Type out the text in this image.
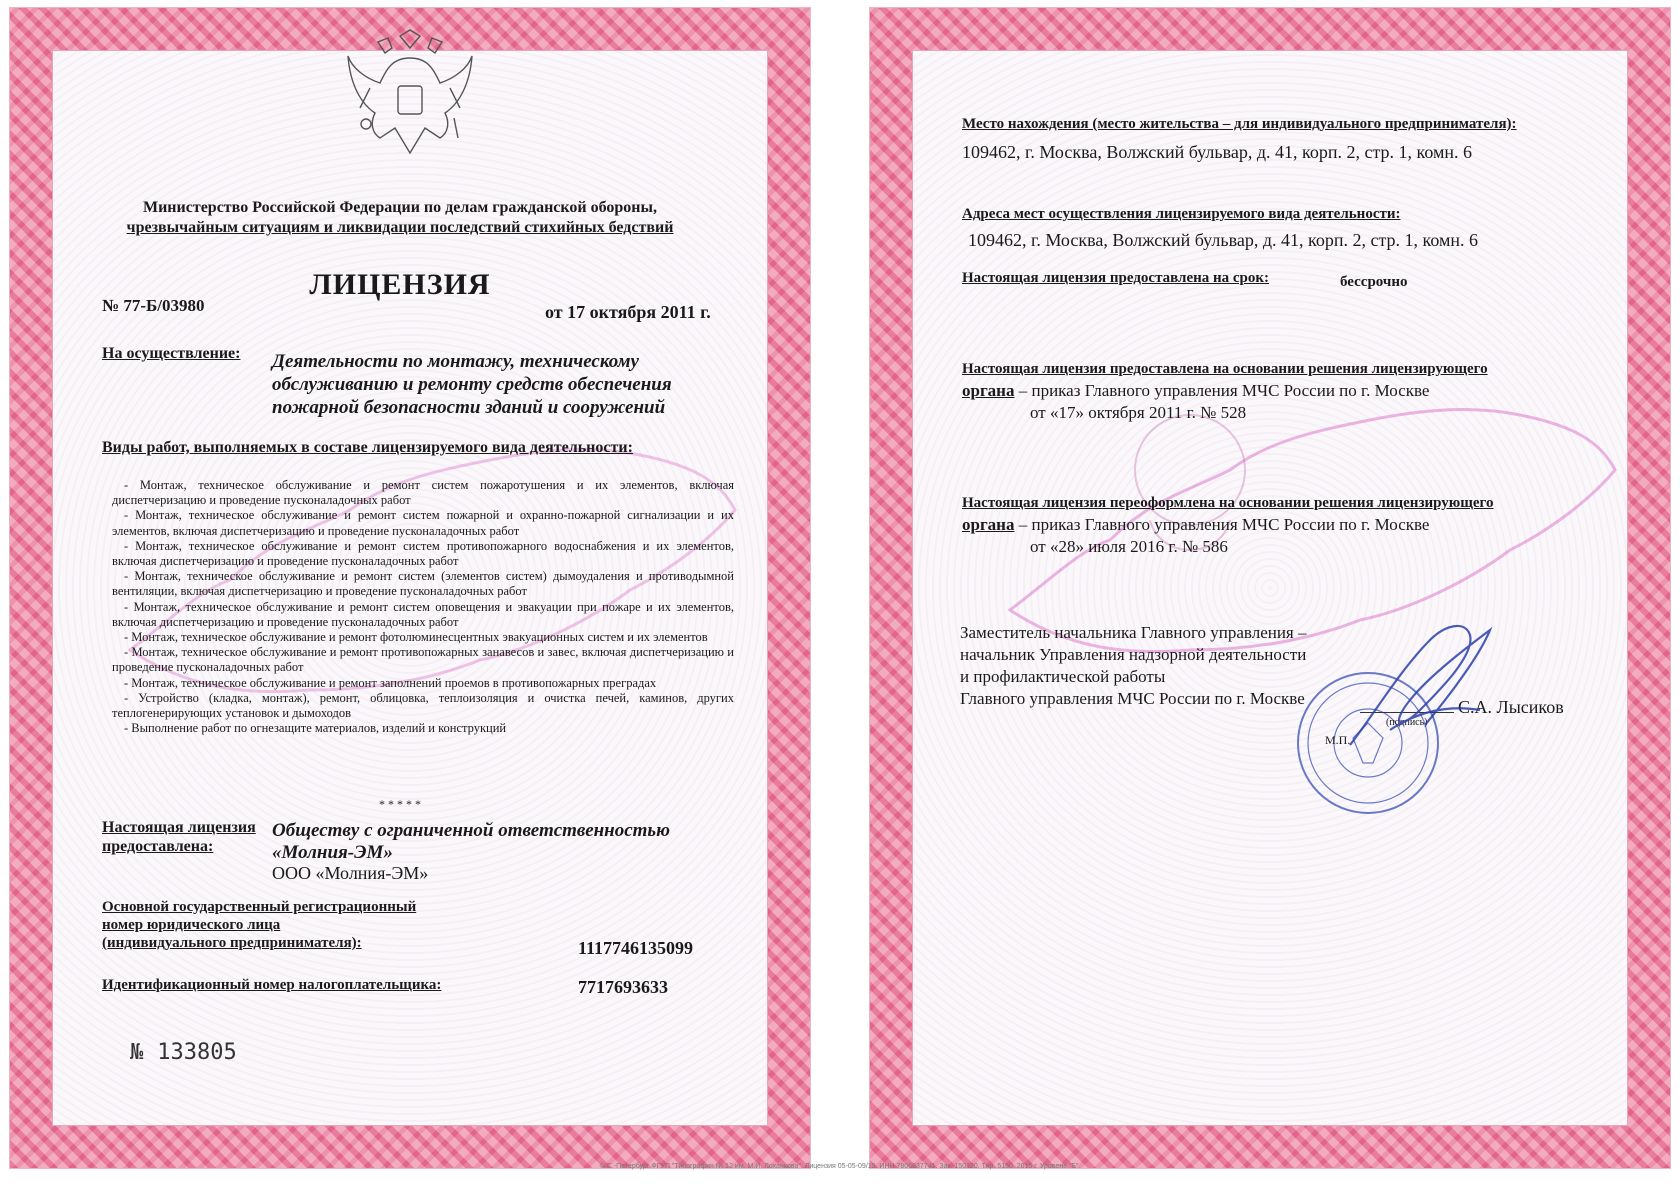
Министерство Российской Федерации по делам гражданской обороны,
чрезвычайным ситуациям и ликвидации последствий стихийных бедствий
ЛИЦЕНЗИЯ
№ 77-Б/03980	от 17 октября 2011 г.
На осуществление: Деятельности по монтажу, техническому
обслуживанию и ремонту средств обеспечения
пожарной безопасности зданий и сооружений
Виды работ, выполняемых в составе лицензируемого вида деятельности:
- Монтаж, техническое обслуживание и ремонт систем пожаротушения и их элементов, включая диспетчеризацию и проведение пусконаладочных работ
- Монтаж, техническое обслуживание и ремонт систем пожарной и охранно-пожарной сигнализации и их элементов, включая диспетчеризацию и проведение пусконаладочных работ
- Монтаж, техническое обслуживание и ремонт систем противопожарного водоснабжения и их элементов, включая диспетчеризацию и проведение пусконаладочных работ
- Монтаж, техническое обслуживание и ремонт систем (элементов систем) дымоудаления и противодымной вентиляции, включая диспетчеризацию и проведение пусконаладочных работ
- Монтаж, техническое обслуживание и ремонт систем оповещения и эвакуации при пожаре и их элементов, включая диспетчеризацию и проведение пусконаладочных работ
- Монтаж, техническое обслуживание и ремонт фотолюминесцентных эвакуационных систем и их элементов
- Монтаж, техническое обслуживание и ремонт противопожарных занавесов и завес, включая диспетчеризацию и проведение пусконаладочных работ
- Монтаж, техническое обслуживание и ремонт заполнений проемов в противопожарных преградах
- Устройство (кладка, монтаж), ремонт, облицовка, теплоизоляция и очистка печей, каминов, других теплогенерирующих установок и дымоходов
- Выполнение работ по огнезащите материалов, изделий и конструкций
* * * * *
Настоящая лицензия
предоставлена:
Обществу с ограниченной ответственностью
«Молния-ЭМ»
ООО «Молния-ЭМ»
Основной государственный регистрационный
номер юридического лица
(индивидуального предпринимателя):	1117746135099
Идентификационный номер налогоплательщика:	7717693633
№ 133805
© С.-Петербург ФГУП "Типография № 12 им. М.И. Лоханкова". Лицензия 05-05-09/19. ИНН 7806037741. Зак. 150120. Тир. 5150. 2015 г. Уровень "Б".
Место нахождения (место жительства – для индивидуального предпринимателя):
109462, г. Москва, Волжский бульвар, д. 41, корп. 2, стр. 1, комн. 6
Адреса мест осуществления лицензируемого вида деятельности:
109462, г. Москва, Волжский бульвар, д. 41, корп. 2, стр. 1, комн. 6
Настоящая лицензия предоставлена на срок:	бессрочно
Настоящая лицензия предоставлена на основании решения лицензирующего
органа – приказ Главного управления МЧС России по г. Москве
от «17» октября 2011 г. № 528
Настоящая лицензия переоформлена на основании решения лицензирующего
органа – приказ Главного управления МЧС России по г. Москве
от «28» июля 2016 г. № 586
Заместитель начальника Главного управления –
начальник Управления надзорной деятельности
и профилактической работы
Главного управления МЧС России по г. Москве
(подпись)
М.П.
С.А. Лысиков
